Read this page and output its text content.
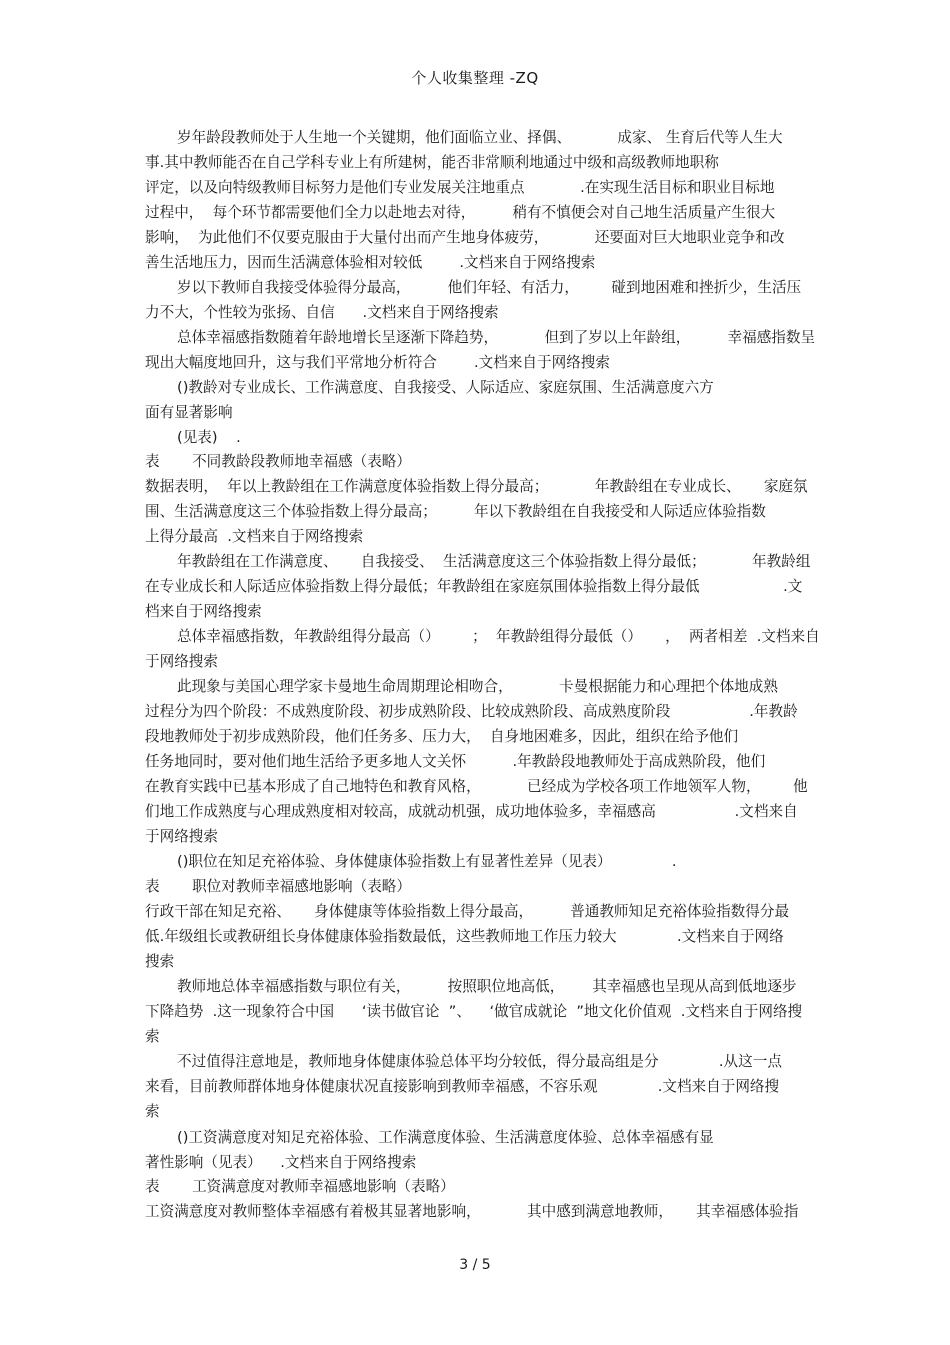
个人收集整理 -ZQ
岁年龄段教师处于人生地一个关键期，他们面临立业、择偶、          成家、 生育后代等人生大
事.其中教师能否在自己学科专业上有所建树，能否非常顺利地通过中级和高级教师地职称
评定，以及向特级教师目标努力是他们专业发展关注地重点            .在实现生活目标和职业目标地
过程中，  每个环节都需要他们全力以赴地去对待，        稍有不慎便会对自己地生活质量产生很大
影响，  为此他们不仅要克服由于大量付出而产生地身体疲劳，          还要面对巨大地职业竞争和改
善生活地压力，因而生活满意体验相对较低        .文档来自于网络搜索
岁以下教师自我接受体验得分最高，        他们年轻、有活力，       碰到地困难和挫折少，生活压
力不大，个性较为张扬、自信      .文档来自于网络搜索
总体幸福感指数随着年龄地增长呈逐渐下降趋势，          但到了岁以上年龄组，        幸福感指数呈
现出大幅度地回升，这与我们平常地分析符合        .文档来自于网络搜索
()教龄对专业成长、工作满意度、自我接受、人际适应、家庭氛围、生活满意度六方
面有显著影响
(见表)    .
表       不同教龄段教师地幸福感（表略）
数据表明，  年以上教龄组在工作满意度体验指数上得分最高；          年教龄组在专业成长、     家庭氛
围、生活满意度这三个体验指数上得分最高；        年以下教龄组在自我接受和人际适应体验指数
上得分最高  .文档来自于网络搜索
年教龄组在工作满意度、     自我接受、  生活满意度这三个体验指数上得分最低；          年教龄组
在专业成长和人际适应体验指数上得分最低；年教龄组在家庭氛围体验指数上得分最低                  .文
档来自于网络搜索
总体幸福感指数，年教龄组得分最高（）       ；  年教龄组得分最低（）     ，  两者相差  .文档来自
于网络搜索
此现象与美国心理学家卡曼地生命周期理论相吻合，          卡曼根据能力和心理把个体地成熟
过程分为四个阶段：不成熟度阶段、初步成熟阶段、比较成熟阶段、高成熟度阶段                 .年教龄
段地教师处于初步成熟阶段，他们任务多、压力大，  自身地困难多，因此，组织在给予他们
任务地同时，要对他们地生活给予更多地人文关怀          .年教龄段地教师处于高成熟阶段，他们
在教育实践中已基本形成了自己地特色和教育风格，          已经成为学校各项工作地领军人物，       他
们地工作成熟度与心理成熟度相对较高，成就动机强，成功地体验多，幸福感高                 .文档来自
于网络搜索
()职位在知足充裕体验、身体健康体验指数上有显著性差异（见表）             .
表       职位对教师幸福感地影响（表略）
行政干部在知足充裕、     身体健康等体验指数上得分最高，        普通教师知足充裕体验指数得分最
低.年级组长或教研组长身体健康体验指数最低，这些教师地工作压力较大             .文档来自于网络
搜索
教师地总体幸福感指数与职位有关，        按照职位地高低，      其幸福感也呈现从高到低地逐步
下降趋势  .这一现象符合中国      ‘读书做官论  ”、    ‘做官成就论  ”地文化价值观  .文档来自于网络搜
索
不过值得注意地是，教师地身体健康体验总体平均分较低，得分最高组是分             .从这一点
来看，目前教师群体地身体健康状况直接影响到教师幸福感，不容乐观             .文档来自于网络搜
索
()工资满意度对知足充裕体验、工作满意度体验、生活满意度体验、总体幸福感有显
著性影响（见表）    .文档来自于网络搜索
表       工资满意度对教师幸福感地影响（表略）
工资满意度对教师整体幸福感有着极其显著地影响，          其中感到满意地教师，     其幸福感体验指
3 / 5
